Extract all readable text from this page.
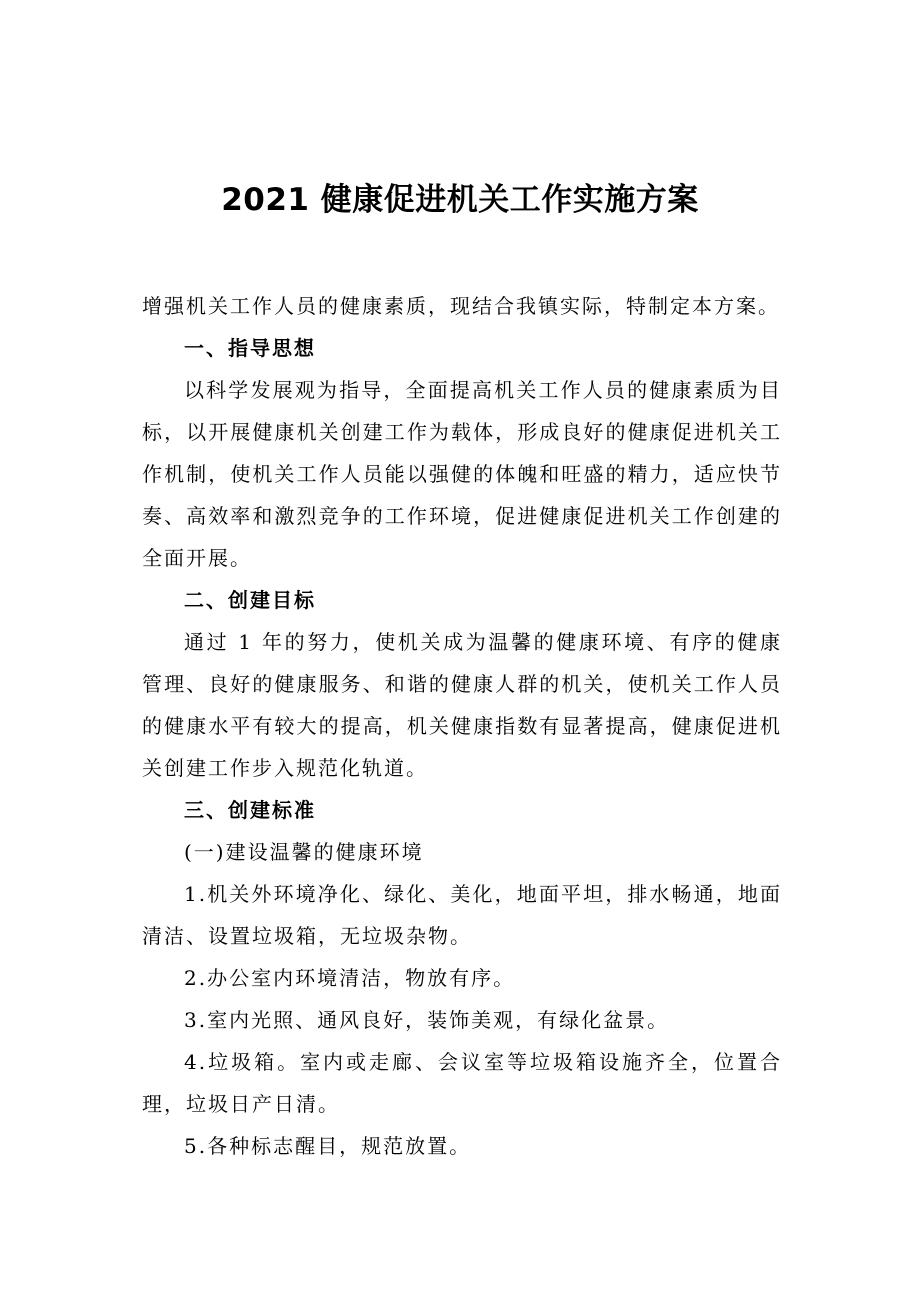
2021 健康促进机关工作实施方案

增强机关工作人员的健康素质，现结合我镇实际，特制定本方案。

一、指导思想

以科学发展观为指导，全面提高机关工作人员的健康素质为目标，以开展健康机关创建工作为载体，形成良好的健康促进机关工作机制，使机关工作人员能以强健的体魄和旺盛的精力，适应快节奏、高效率和激烈竞争的工作环境，促进健康促进机关工作创建的全面开展。

二、创建目标

通过 1 年的努力，使机关成为温馨的健康环境、有序的健康管理、良好的健康服务、和谐的健康人群的机关，使机关工作人员的健康水平有较大的提高，机关健康指数有显著提高，健康促进机关创建工作步入规范化轨道。

三、创建标准

(一)建设温馨的健康环境

1.机关外环境净化、绿化、美化，地面平坦，排水畅通，地面清洁、设置垃圾箱，无垃圾杂物。

2.办公室内环境清洁，物放有序。

3.室内光照、通风良好，装饰美观，有绿化盆景。

4.垃圾箱。室内或走廊、会议室等垃圾箱设施齐全，位置合理，垃圾日产日清。

5.各种标志醒目，规范放置。
